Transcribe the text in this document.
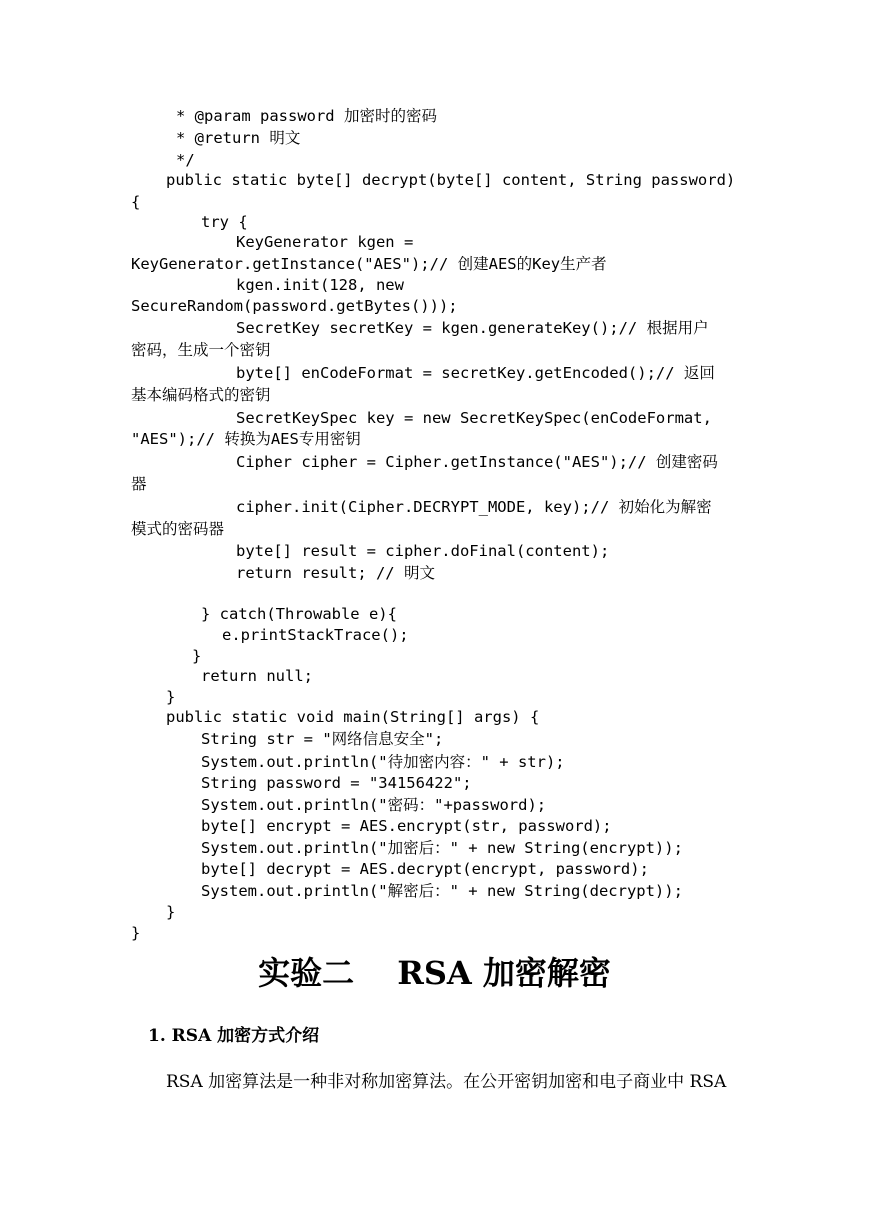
* @param password 加密时的密码
* @return 明文
*/
public static byte[] decrypt(byte[] content, String password)
{
try {
KeyGenerator kgen =
KeyGenerator.getInstance("AES");// 创建AES的Key生产者
kgen.init(128, new
SecureRandom(password.getBytes()));
SecretKey secretKey = kgen.generateKey();// 根据用户
密码，生成一个密钥
byte[] enCodeFormat = secretKey.getEncoded();// 返回
基本编码格式的密钥
SecretKeySpec key = new SecretKeySpec(enCodeFormat,
"AES");// 转换为AES专用密钥
Cipher cipher = Cipher.getInstance("AES");// 创建密码
器
cipher.init(Cipher.DECRYPT_MODE, key);// 初始化为解密
模式的密码器
byte[] result = cipher.doFinal(content);
return result; // 明文
} catch(Throwable e){
e.printStackTrace();
}
return null;
}
public static void main(String[] args) {
String str = "网络信息安全";
System.out.println("待加密内容：" + str);
String password = "34156422";
System.out.println("密码："+password);
byte[] encrypt = AES.encrypt(str, password);
System.out.println("加密后：" + new String(encrypt));
byte[] decrypt = AES.decrypt(encrypt, password);
System.out.println("解密后：" + new String(decrypt));
}
}
实验二　 RSA 加密解密
1. RSA 加密方式介绍
RSA 加密算法是一种非对称加密算法。在公开密钥加密和电子商业中 RSA
